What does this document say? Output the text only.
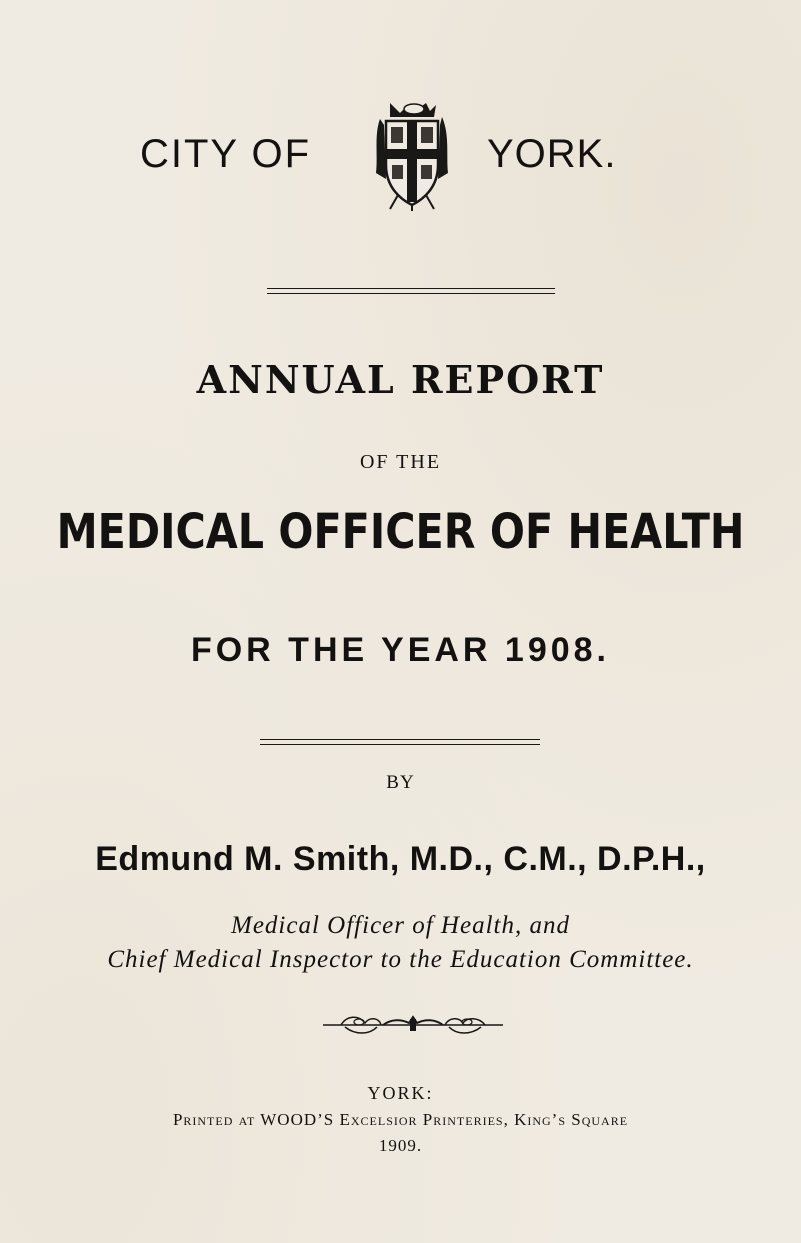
CITY OF	YORK.
ANNUAL REPORT
OF THE
MEDICAL OFFICER OF HEALTH
FOR THE YEAR 1908.
BY
Edmund M. Smith, M.D., C.M., D.P.H.,
Medical Officer of Health, and
Chief Medical Inspector to the Education Committee.
YORK:
Printed at WOOD’S Excelsior Printeries, King’s Square
1909.
